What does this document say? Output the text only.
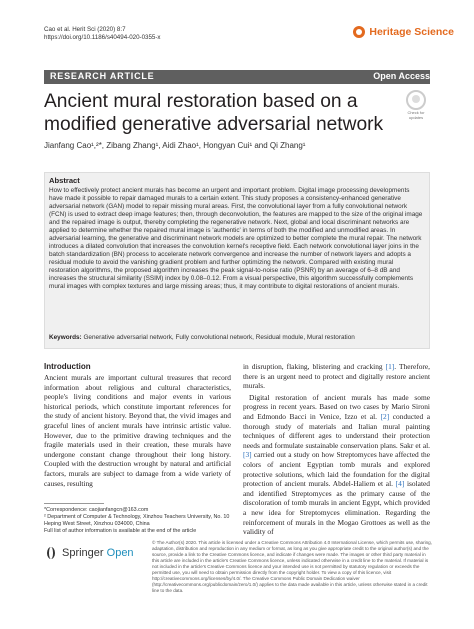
Cao et al. Herit Sci (2020) 8:7
https://doi.org/10.1186/s40494-020-0355-x	Heritage Science
RESEARCH ARTICLE	Open Access
Ancient mural restoration based on a modified generative adversarial network
Check for updates
Jianfang Cao¹,²*, Zibang Zhang¹, Aidi Zhao¹, Hongyan Cui¹ and Qi Zhang¹
Abstract
How to effectively protect ancient murals has become an urgent and important problem. Digital image processing developments have made it possible to repair damaged murals to a certain extent. This study proposes a consistency-enhanced generative adversarial network (GAN) model to repair missing mural areas. First, the convolutional layer from a fully convolutional network (FCN) is used to extract deep image features; then, through deconvolution, the features are mapped to the size of the original image and the repaired image is output, thereby completing the regenerative network. Next, global and local discriminant networks are applied to determine whether the repaired mural image is 'authentic' in terms of both the modified and unmodified areas. In adversarial learning, the generative and discriminant network models are optimized to better complete the mural repair. The network introduces a dilated convolution that increases the convolution kernel's receptive field. Each network convolutional layer joins in the batch standardization (BN) process to accelerate network convergence and increase the number of network layers and adopts a residual module to avoid the vanishing gradient problem and further optimizing the network. Compared with existing mural restoration algorithms, the proposed algorithm increases the peak signal-to-noise ratio (PSNR) by an average of 6–8 dB and increases the structural similarity (SSIM) index by 0.08–0.12. From a visual perspective, this algorithm successfully complements mural images with complex textures and large missing areas; thus, it may contribute to digital restorations of ancient murals.
Keywords: Generative adversarial network, Fully convolutional network, Residual module, Mural restoration
Introduction
Ancient murals are important cultural treasures that record information about religious and cultural characteristics, people's living conditions and major events in various historical periods, which constitute important references for the study of ancient history. Beyond that, the vivid images and graceful lines of ancient murals have intrinsic artistic value. However, due to the primitive drawing techniques and the fragile materials used in their creation, these murals have undergone constant change throughout their long history. Coupled with the destruction wrought by natural and artificial factors, murals are subject to damage from a wide variety of causes, resulting

in disruption, flaking, blistering and cracking [1]. Therefore, there is an urgent need to protect and digitally restore ancient murals.

Digital restoration of ancient murals has made some progress in recent years. Based on two cases by Mario Sironi and Edmondo Bacci in Venice, Izzo et al. [2] conducted a thorough study of materials and Italian mural painting techniques of different ages to understand their protection needs and formulate sustainable conservation plans. Sakr et al. [3] carried out a study on how Streptomyces have affected the colors of ancient Egyptian tomb murals and explored protective solutions, which laid the foundation for the digital protection of ancient murals. Abdel-Haliem et al. [4] isolated and identified Streptomyces as the primary cause of the discoloration of tomb murals in ancient Egypt, which provided a new idea for Streptomyces elimination. Regarding the reinforcement of murals in the Mogao Grottoes as well as the validity of

*Correspondence: caojianfangcn@163.com
² Department of Computer & Technology, Xinzhou Teachers University, No. 10 Heping West Street, Xinzhou 034000, China
Full list of author information is available at the end of the article
Springer Open
© The Author(s) 2020. This article is licensed under a Creative Commons Attribution 4.0 International License, which permits use, sharing, adaptation, distribution and reproduction in any medium or format, as long as you give appropriate credit to the original author(s) and the source, provide a link to the Creative Commons licence, and indicate if changes were made. The images or other third party material in this article are included in the article's Creative Commons licence, unless indicated otherwise in a credit line to the material. If material is not included in the article's Creative Commons licence and your intended use is not permitted by statutory regulation or exceeds the permitted use, you will need to obtain permission directly from the copyright holder. To view a copy of this licence, visit http://creativecommons.org/licenses/by/4.0/. The Creative Commons Public Domain Dedication waiver (http://creativecommons.org/publicdomain/zero/1.0/) applies to the data made available in this article, unless otherwise stated in a credit line to the data.
